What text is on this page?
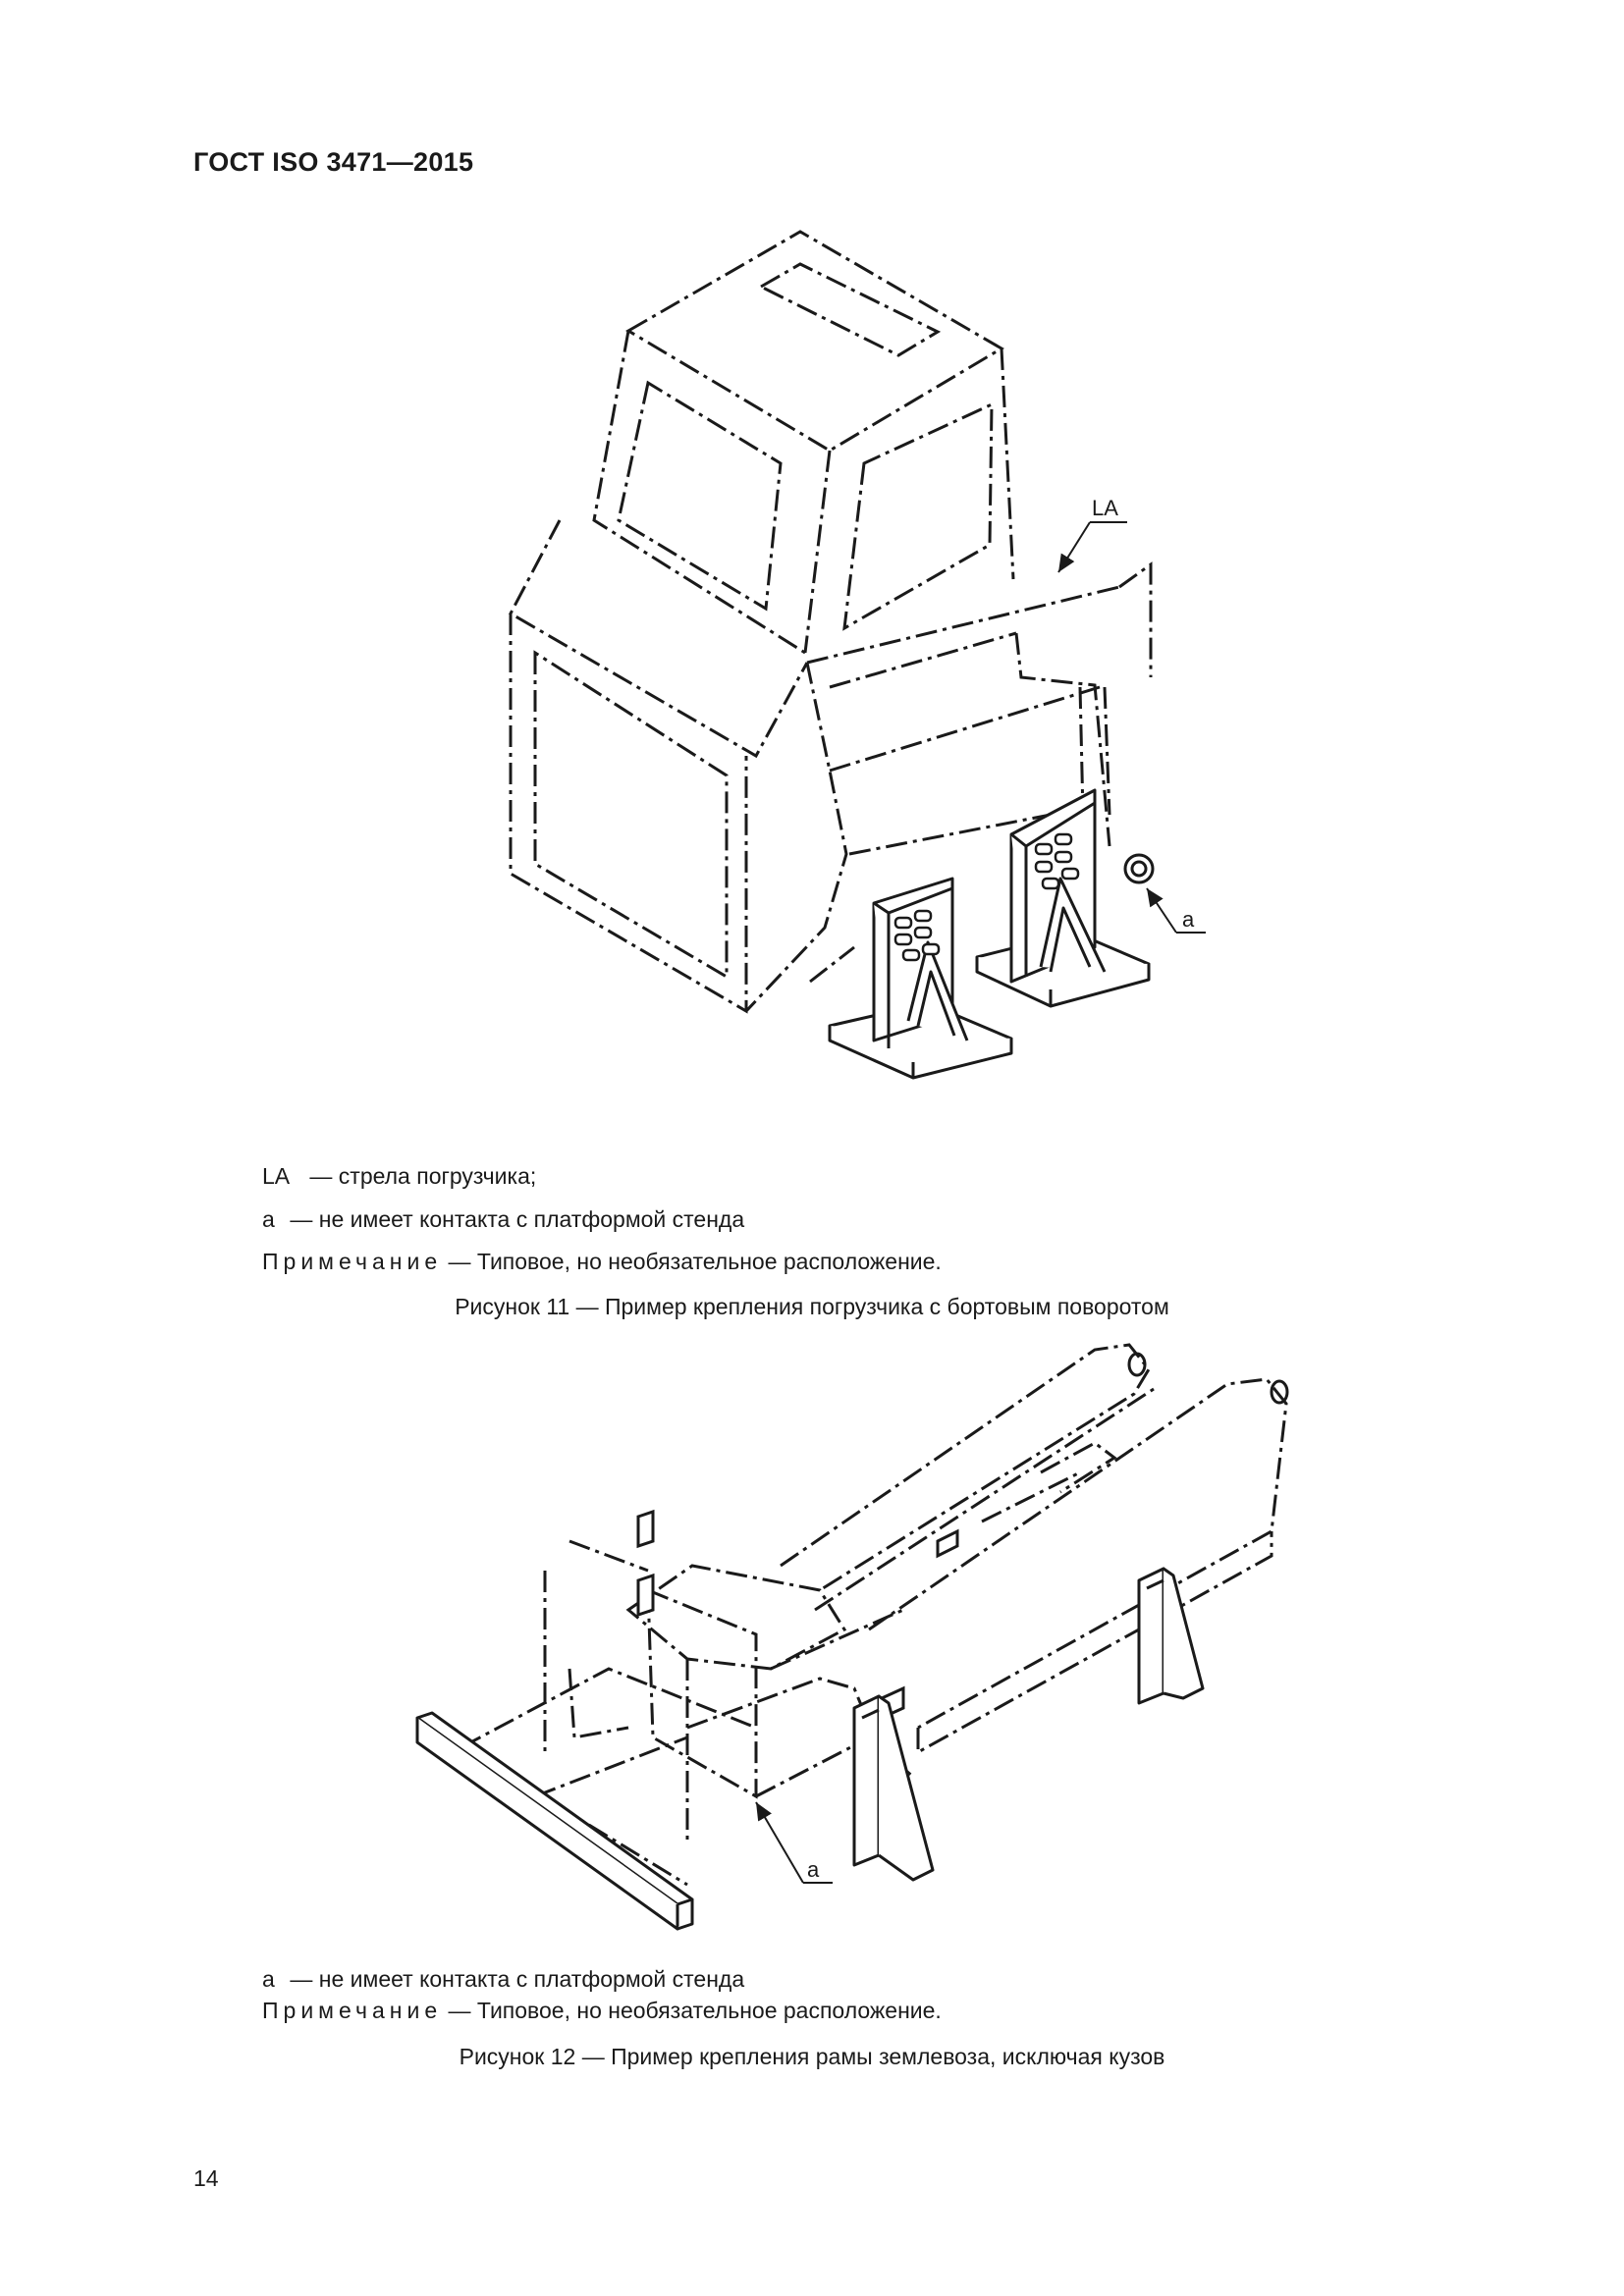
ГОСТ ISO 3471—2015
LA
a
LA — стрела погрузчика;
a — не имеет контакта с платформой стенда
Примечание — Типовое, но необязательное расположение.
Рисунок 11 — Пример крепления погрузчика с бортовым поворотом
a
a — не имеет контакта с платформой стенда
Примечание — Типовое, но необязательное расположение.
Рисунок 12 — Пример крепления рамы землевоза, исключая кузов
14
